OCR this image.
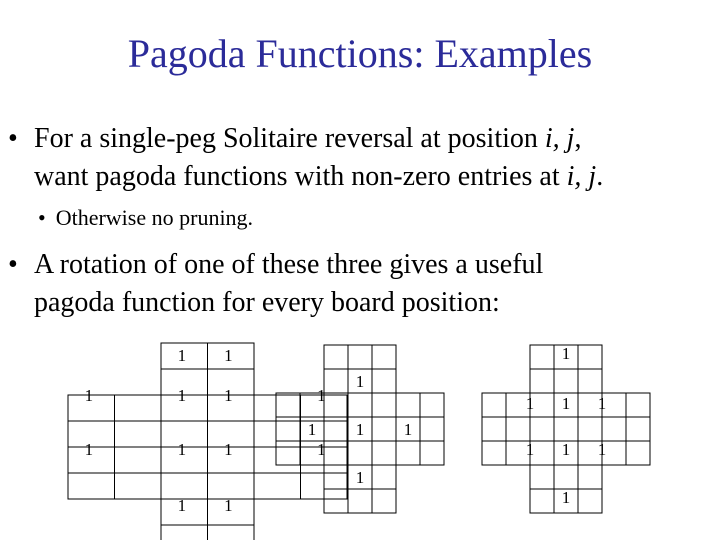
Pagoda Functions: Examples
• For a single-peg Solitaire reversal at position i, j,
want pagoda functions with non-zero entries at i, j.
• Otherwise no pruning.
• A rotation of one of these three gives a useful
pagoda function for every board position:
1 1
1	1 1	1
1	1 1	1
1 1
1
1 1 1
1
1
1 1 1
1 1 1
1
